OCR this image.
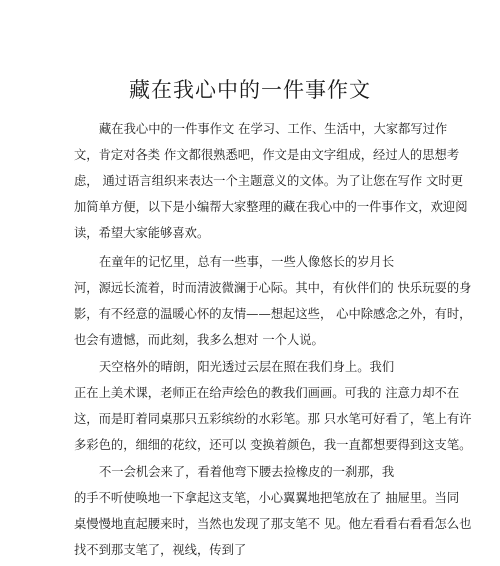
藏在我心中的一件事作文
藏在我心中的一件事作文 在学习、工作、生活中，大家都写过作
文，肯定对各类 作文都很熟悉吧，作文是由文字组成，经过人的思想考
虑， 通过语言组织来表达一个主题意义的文体。为了让您在写作 文时更
加简单方便，以下是小编帮大家整理的藏在我心中的一件事作文，欢迎阅
读，希望大家能够喜欢。
在童年的记忆里，总有一些事，一些人像悠长的岁月长
河，源远长流着，时而清波微澜于心际。其中，有伙伴们的 快乐玩耍的身
影，有不经意的温暖心怀的友情——想起这些， 心中除感念之外，有时，
也会有遗憾，而此刻，我多么想对 一个人说。
天空格外的晴朗，阳光透过云层在照在我们身上。我们
正在上美术课，老师正在给声绘色的教我们画画。可我的 注意力却不在
这，而是盯着同桌那只五彩缤纷的水彩笔。那 只水笔可好看了，笔上有许
多彩色的，细细的花纹，还可以 变换着颜色，我一直都想要得到这支笔。
不一会机会来了，看着他弯下腰去捡橡皮的一刹那，我
的手不听使唤地一下拿起这支笔，小心翼翼地把笔放在了 抽屉里。当同
桌慢慢地直起腰来时，当然也发现了那支笔不 见。他左看看右看看怎么也
找不到那支笔了，视线，传到了
